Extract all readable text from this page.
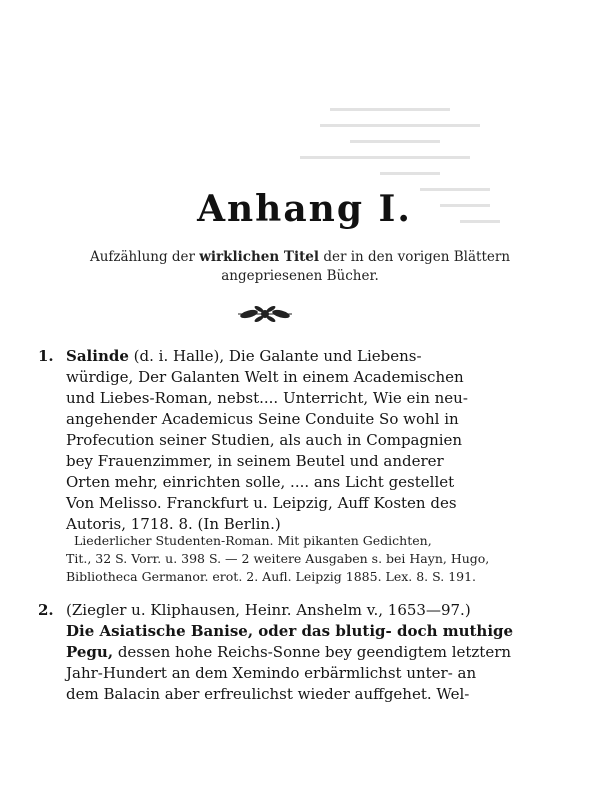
Anhang I.
Aufzählung der wirklichen Titel der in den vorigen Blättern
angepriesenen Bücher.
1. Salinde (d. i. Halle), Die Galante und Liebens-
würdige, Der Galanten Welt in einem Academischen
und Liebes-Roman, nebst.... Unterricht, Wie ein neu-
angehender Academicus Seine Conduite So wohl in
Profecution seiner Studien, als auch in Compagnien
bey Frauenzimmer, in seinem Beutel und anderer
Orten mehr, einrichten solle, .... ans Licht gestellet
Von Melisso. Franckfurt u. Leipzig, Auff Kosten des
Autoris, 1718. 8. (In Berlin.)
Liederlicher Studenten-Roman. Mit pikanten Gedichten,
Tit., 32 S. Vorr. u. 398 S. — 2 weitere Ausgaben s. bei Hayn, Hugo,
Bibliotheca Germanor. erot. 2. Aufl. Leipzig 1885. Lex. 8. S. 191.
2. (Ziegler u. Kliphausen, Heinr. Anshelm v., 1653—97.)
Die Asiatische Banise, oder das blutig- doch muthige
Pegu, dessen hohe Reichs-Sonne bey geendigtem letztern
Jahr-Hundert an dem Xemindo erbärmlichst unter- an
dem Balacin aber erfreulichst wieder auffgehet. Wel-
